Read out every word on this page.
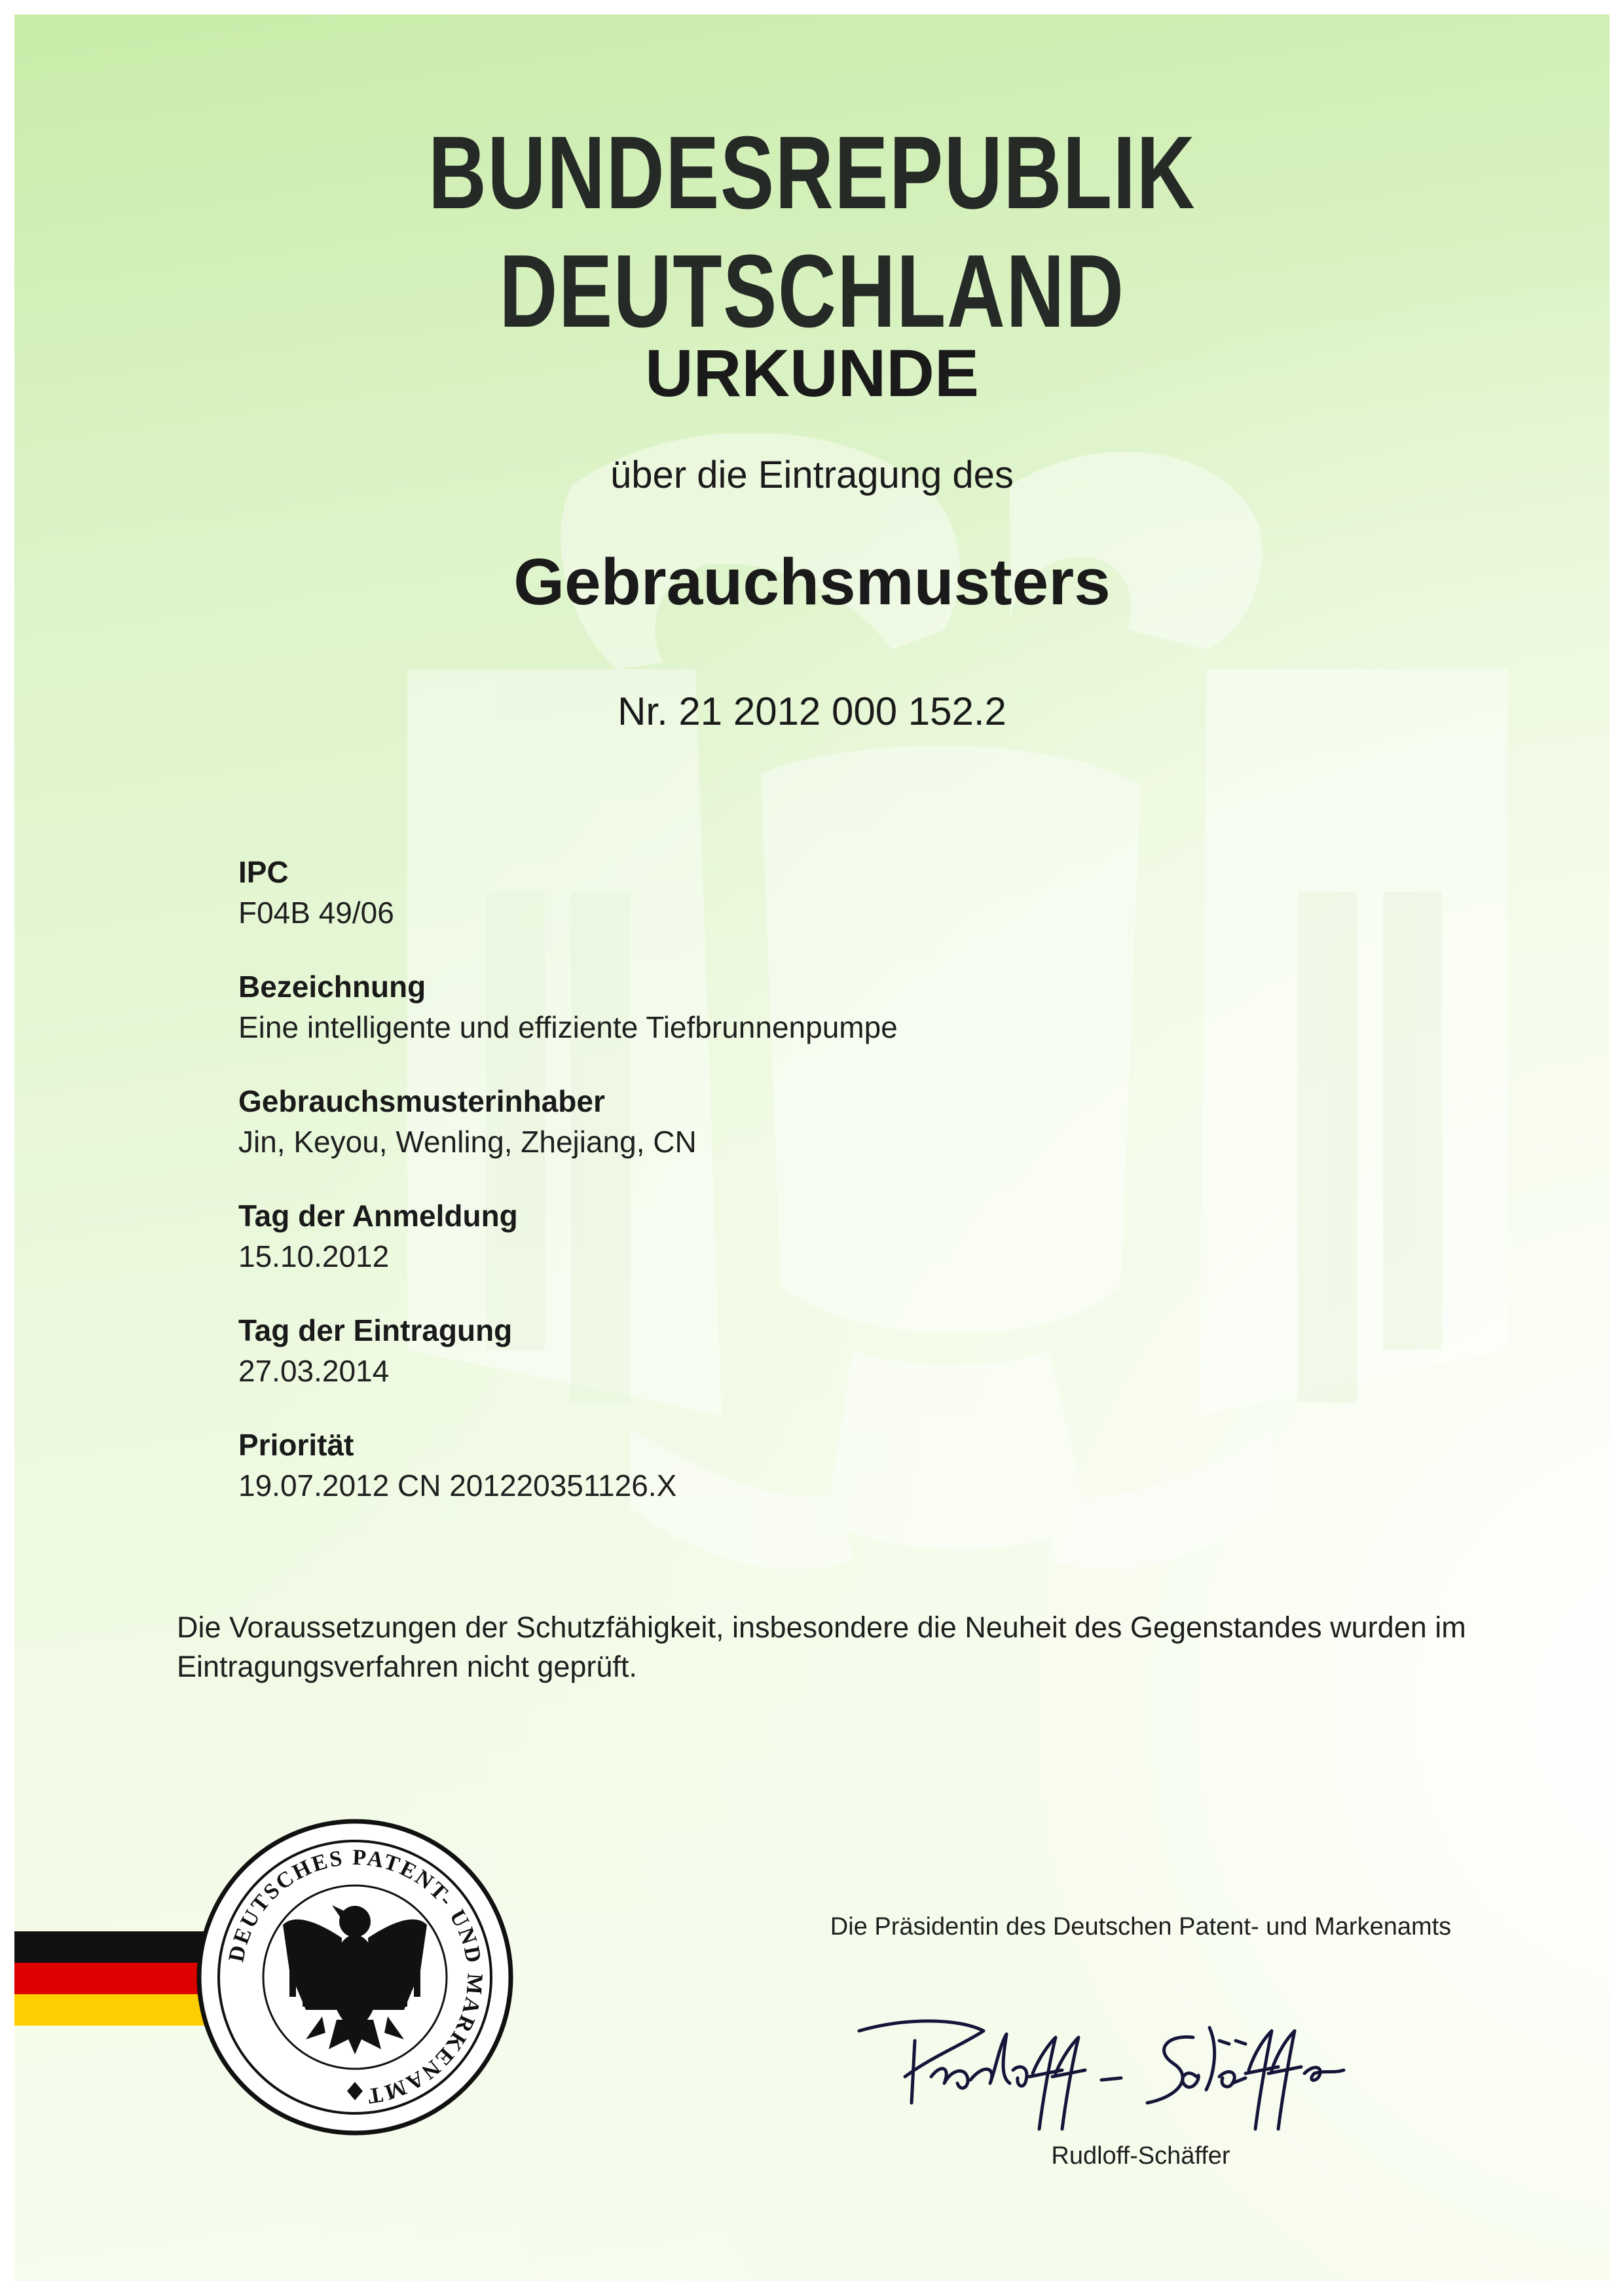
BUNDESREPUBLIK DEUTSCHLAND
URKUNDE

über die Eintragung des

Gebrauchsmusters

Nr. 21 2012 000 152.2

IPC
F04B 49/06
Bezeichnung
Eine intelligente und effiziente Tiefbrunnenpumpe
Gebrauchsmusterinhaber
Jin, Keyou, Wenling, Zhejiang, CN
Tag der Anmeldung
15.10.2012
Tag der Eintragung
27.03.2014
Priorität
19.07.2012 CN 201220351126.X

Die Voraussetzungen der Schutzfähigkeit, insbesondere die Neuheit des Gegenstandes wurden im Eintragungsverfahren nicht geprüft.

DEUTSCHES PATENT- UND MARKENAMT

Die Präsidentin des Deutschen Patent- und Markenamts

Rudloff-Schäffer
